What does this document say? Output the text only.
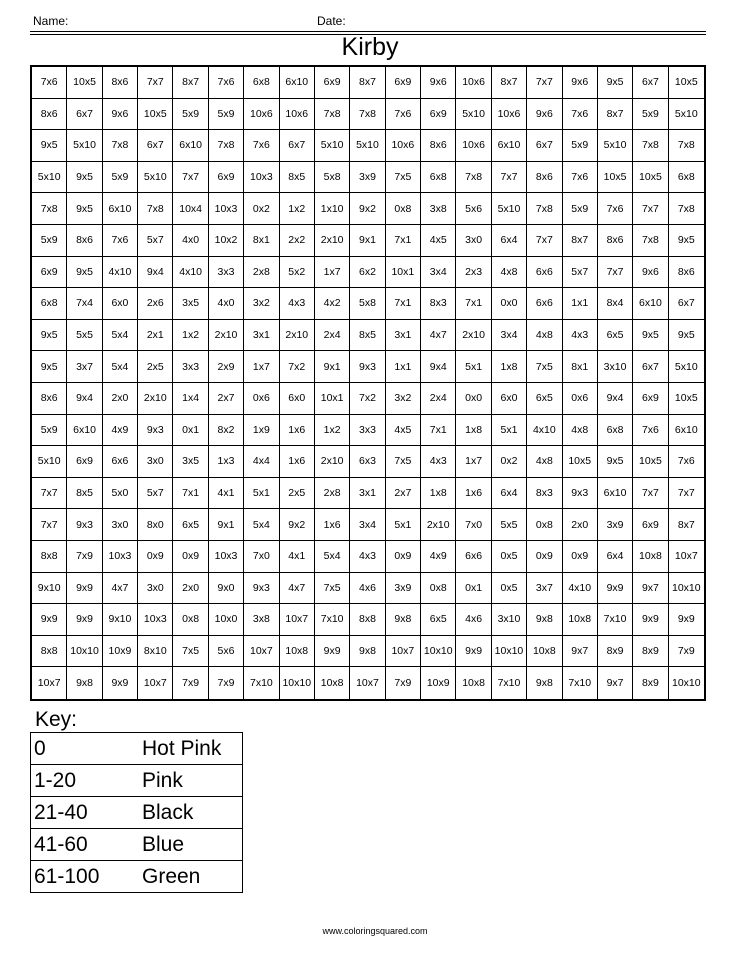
Name:	Date:
Kirby
7x6	10x5	8x6	7x7	8x7	7x6	6x8	6x10	6x9	8x7	6x9	9x6	10x6	8x7	7x7	9x6	9x5	6x7	10x5
8x6	6x7	9x6	10x5	5x9	5x9	10x6	10x6	7x8	7x8	7x6	6x9	5x10	10x6	9x6	7x6	8x7	5x9	5x10
9x5	5x10	7x8	6x7	6x10	7x8	7x6	6x7	5x10	5x10	10x6	8x6	10x6	6x10	6x7	5x9	5x10	7x8	7x8
5x10	9x5	5x9	5x10	7x7	6x9	10x3	8x5	5x8	3x9	7x5	6x8	7x8	7x7	8x6	7x6	10x5	10x5	6x8
7x8	9x5	6x10	7x8	10x4	10x3	0x2	1x2	1x10	9x2	0x8	3x8	5x6	5x10	7x8	5x9	7x6	7x7	7x8
5x9	8x6	7x6	5x7	4x0	10x2	8x1	2x2	2x10	9x1	7x1	4x5	3x0	6x4	7x7	8x7	8x6	7x8	9x5
6x9	9x5	4x10	9x4	4x10	3x3	2x8	5x2	1x7	6x2	10x1	3x4	2x3	4x8	6x6	5x7	7x7	9x6	8x6
6x8	7x4	6x0	2x6	3x5	4x0	3x2	4x3	4x2	5x8	7x1	8x3	7x1	0x0	6x6	1x1	8x4	6x10	6x7
9x5	5x5	5x4	2x1	1x2	2x10	3x1	2x10	2x4	8x5	3x1	4x7	2x10	3x4	4x8	4x3	6x5	9x5	9x5
9x5	3x7	5x4	2x5	3x3	2x9	1x7	7x2	9x1	9x3	1x1	9x4	5x1	1x8	7x5	8x1	3x10	6x7	5x10
8x6	9x4	2x0	2x10	1x4	2x7	0x6	6x0	10x1	7x2	3x2	2x4	0x0	6x0	6x5	0x6	9x4	6x9	10x5
5x9	6x10	4x9	9x3	0x1	8x2	1x9	1x6	1x2	3x3	4x5	7x1	1x8	5x1	4x10	4x8	6x8	7x6	6x10
5x10	6x9	6x6	3x0	3x5	1x3	4x4	1x6	2x10	6x3	7x5	4x3	1x7	0x2	4x8	10x5	9x5	10x5	7x6
7x7	8x5	5x0	5x7	7x1	4x1	5x1	2x5	2x8	3x1	2x7	1x8	1x6	6x4	8x3	9x3	6x10	7x7	7x7
7x7	9x3	3x0	8x0	6x5	9x1	5x4	9x2	1x6	3x4	5x1	2x10	7x0	5x5	0x8	2x0	3x9	6x9	8x7
8x8	7x9	10x3	0x9	0x9	10x3	7x0	4x1	5x4	4x3	0x9	4x9	6x6	0x5	0x9	0x9	6x4	10x8	10x7
9x10	9x9	4x7	3x0	2x0	9x0	9x3	4x7	7x5	4x6	3x9	0x8	0x1	0x5	3x7	4x10	9x9	9x7	10x10
9x9	9x9	9x10	10x3	0x8	10x0	3x8	10x7	7x10	8x8	9x8	6x5	4x6	3x10	9x8	10x8	7x10	9x9	9x9
8x8	10x10 10x9	8x10	7x5	5x6	10x7	10x8	9x9	9x8	10x7 10x10	9x9	10x10 10x8	9x7	8x9	8x9	7x9
10x7	9x8	9x9	10x7	7x9	7x9	7x10 10x10 10x8	10x7	7x9	10x9	10x8	7x10	9x8	7x10	9x7	8x9	10x10
Key:
0	Hot Pink
1-20	Pink
21-40	Black
41-60	Blue
61-100	Green
www.coloringsquared.com
